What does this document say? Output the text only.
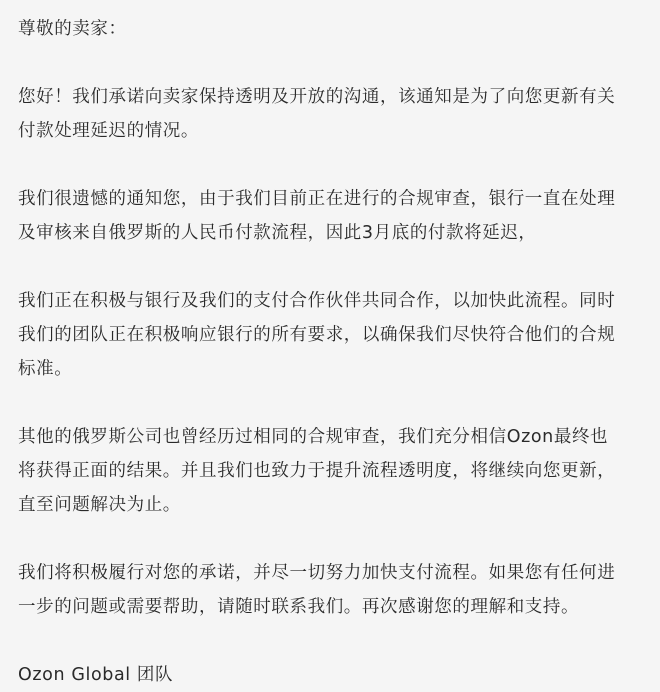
尊敬的卖家：
您好！我们承诺向卖家保持透明及开放的沟通，该通知是为了向您更新有关
付款处理延迟的情况。
我们很遗憾的通知您，由于我们目前正在进行的合规审查，银行一直在处理
及审核来自俄罗斯的人民币付款流程，因此3月底的付款将延迟，
我们正在积极与银行及我们的支付合作伙伴共同合作，以加快此流程。同时
我们的团队正在积极响应银行的所有要求，以确保我们尽快符合他们的合规
标准。
其他的俄罗斯公司也曾经历过相同的合规审查，我们充分相信Ozon最终也
将获得正面的结果。并且我们也致力于提升流程透明度，将继续向您更新，
直至问题解决为止。
我们将积极履行对您的承诺，并尽一切努力加快支付流程。如果您有任何进
一步的问题或需要帮助，请随时联系我们。再次感谢您的理解和支持。
Ozon Global 团队
